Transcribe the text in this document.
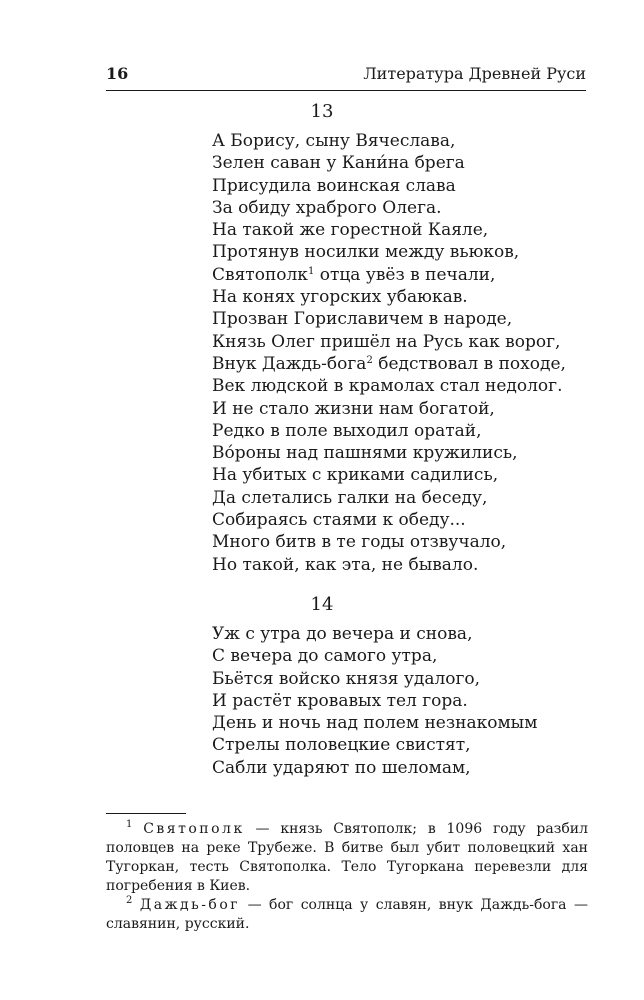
16	Литература Древней Руси
13
А Борису, сыну Вячеслава,
Зелен саван у Кани́на брега
Присудила воинская слава
За обиду храброго Олега.
На такой же горестной Каяле,
Протянув носилки между вьюков,
Святополк$^1$ отца увёз в печали,
На конях угорских убаюкав.
Прозван Гориславичем в народе,
Князь Олег пришёл на Русь как ворог,
Внук Даждь-бога$^2$ бедствовал в походе,
Век людской в крамолах стал недолог.
И не стало жизни нам богатой,
Редко в поле выходил оратай,
Во́роны над пашнями кружились,
На убитых с криками садились,
Да слетались галки на беседу,
Собираясь стаями к обеду...
Много битв в те годы отзвучало,
Но такой, как эта, не бывало.
14
Уж с утра до вечера и снова,
С вечера до самого утра,
Бьётся войско князя удалого,
И растёт кровавых тел гора.
День и ночь над полем незнакомым
Стрелы половецкие свистят,
Сабли ударяют по шеломам,

$^1$ Святополк — князь Святополк; в 1096 году разбил половцев на реке Трубеже. В битве был убит половецкий хан Тугоркан, тесть Святополка. Тело Тугоркана перевезли для погребения в Киев.

$^2$ Даждь-бог — бог солнца у славян, внук Даждь-бога — славянин, русский.
